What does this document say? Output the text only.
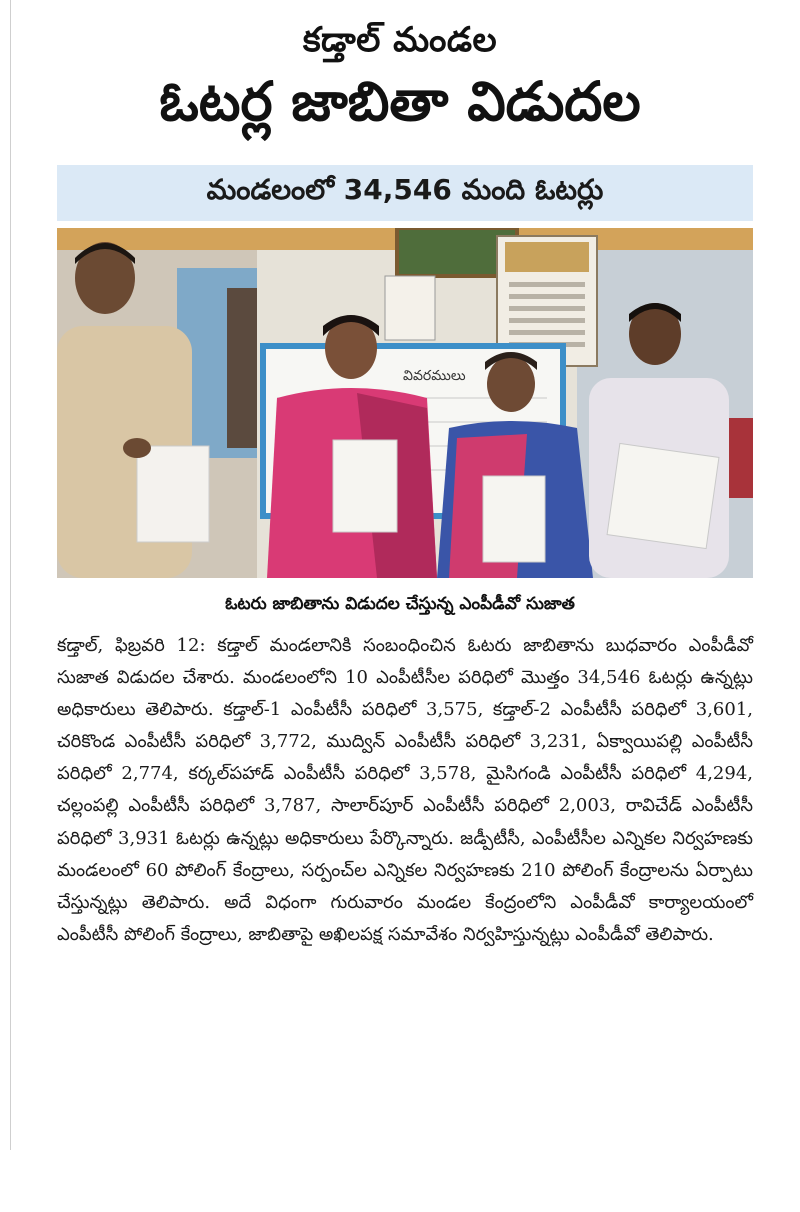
కడ్తాల్ మండల
ఓటర్ల జాబితా విడుదల
మండలంలో 34,546 మంది ఓటర్లు
వివరములు
ఓటరు జాబితాను విడుదల చేస్తున్న ఎంపీడీవో సుజాత
కడ్తాల్, ఫిబ్రవరి 12: కడ్తాల్ మండలానికి సంబంధించిన ఓటరు జాబితాను బుధవారం ఎంపీడీవో సుజాత విడుదల చేశారు. మండలంలోని 10 ఎంపీటీసీల పరిధిలో మొత్తం 34,546 ఓటర్లు ఉన్నట్లు అధికారులు తెలిపారు. కడ్తాల్-1 ఎంపీటీసీ పరిధిలో 3,575, కడ్తాల్-2 ఎంపీటీసీ పరిధిలో 3,601, చరికొండ ఎంపీటీసీ పరిధిలో 3,772, ముద్విన్ ఎంపీటీసీ పరిధిలో 3,231, ఏక్వాయిపల్లి ఎంపీటీసీ పరిధిలో 2,774, కర్కల్‌పహాడ్ ఎంపీటీసీ పరిధిలో 3,578, మైసిగండి ఎంపీటీసీ పరిధిలో 4,294, చల్లంపల్లి ఎంపీటీసీ పరిధిలో 3,787, సాలార్‌పూర్ ఎంపీటీసీ పరిధిలో 2,003, రావిచేడ్ ఎంపీటీసీ పరిధిలో 3,931 ఓటర్లు ఉన్నట్లు అధికారులు పేర్కొన్నారు. జడ్పీటీసీ, ఎంపీటీసీల ఎన్నికల నిర్వహణకు మండలంలో 60 పోలింగ్ కేంద్రాలు, సర్పంచ్‌ల ఎన్నికల నిర్వహణకు 210 పోలింగ్ కేంద్రాలను ఏర్పాటు చేస్తున్నట్లు తెలిపారు. అదే విధంగా గురువారం మండల కేంద్రంలోని ఎంపీడీవో కార్యాలయంలో ఎంపీటీసీ పోలింగ్ కేంద్రాలు, జాబితాపై అఖిలపక్ష సమావేశం నిర్వహిస్తున్నట్లు ఎంపీడీవో తెలిపారు.
